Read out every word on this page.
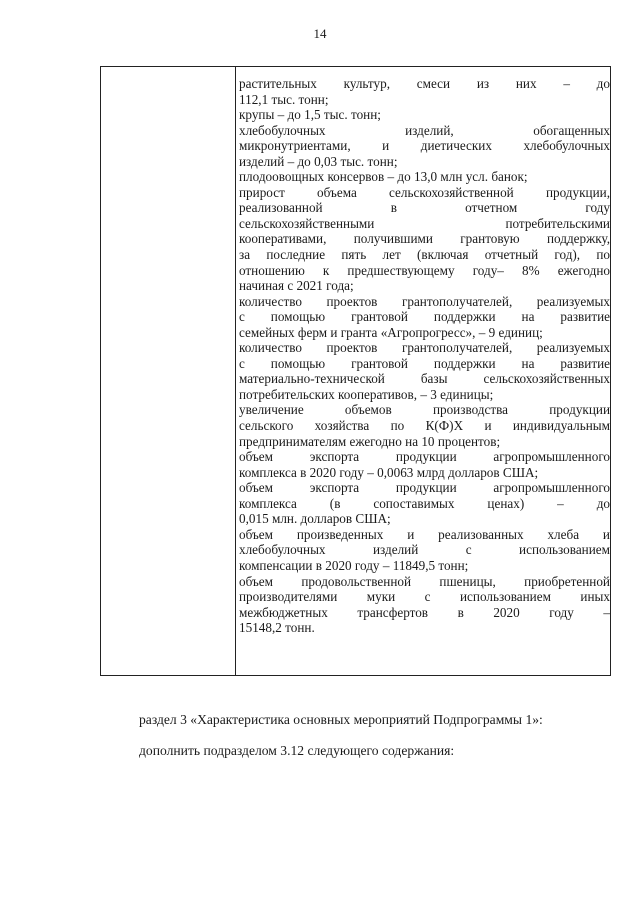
14
растительных культур, смеси из них – до
112,1 тыс. тонн;
крупы – до 1,5 тыс. тонн;
хлебобулочных изделий, обогащенных
микронутриентами, и диетических хлебобулочных
изделий – до 0,03 тыс. тонн;
плодоовощных консервов – до 13,0 млн усл. банок;
прирост объема сельскохозяйственной продукции,
реализованной в отчетном году
сельскохозяйственными потребительскими
кооперативами, получившими грантовую поддержку,
за последние пять лет (включая отчетный год), по
отношению к предшествующему году– 8% ежегодно
начиная с 2021 года;
количество проектов грантополучателей, реализуемых
с помощью грантовой поддержки на развитие
семейных ферм и гранта «Агропрогресс», – 9 единиц;
количество проектов грантополучателей, реализуемых
с помощью грантовой поддержки на развитие
материально-технической базы сельскохозяйственных
потребительских кооперативов, – 3 единицы;
увеличение объемов производства продукции
сельского хозяйства по К(Ф)Х и индивидуальным
предпринимателям ежегодно на 10 процентов;
объем экспорта продукции агропромышленного
комплекса в 2020 году – 0,0063 млрд долларов США;
объем экспорта продукции агропромышленного
комплекса (в сопоставимых ценах) – до
0,015 млн. долларов США;
объем произведенных и реализованных хлеба и
хлебобулочных изделий с использованием
компенсации в 2020 году – 11849,5 тонн;
объем продовольственной пшеницы, приобретенной
производителями муки с использованием иных
межбюджетных трансфертов в 2020 году –
15148,2 тонн.
раздел 3 «Характеристика основных мероприятий Подпрограммы 1»:
дополнить подразделом 3.12 следующего содержания:
